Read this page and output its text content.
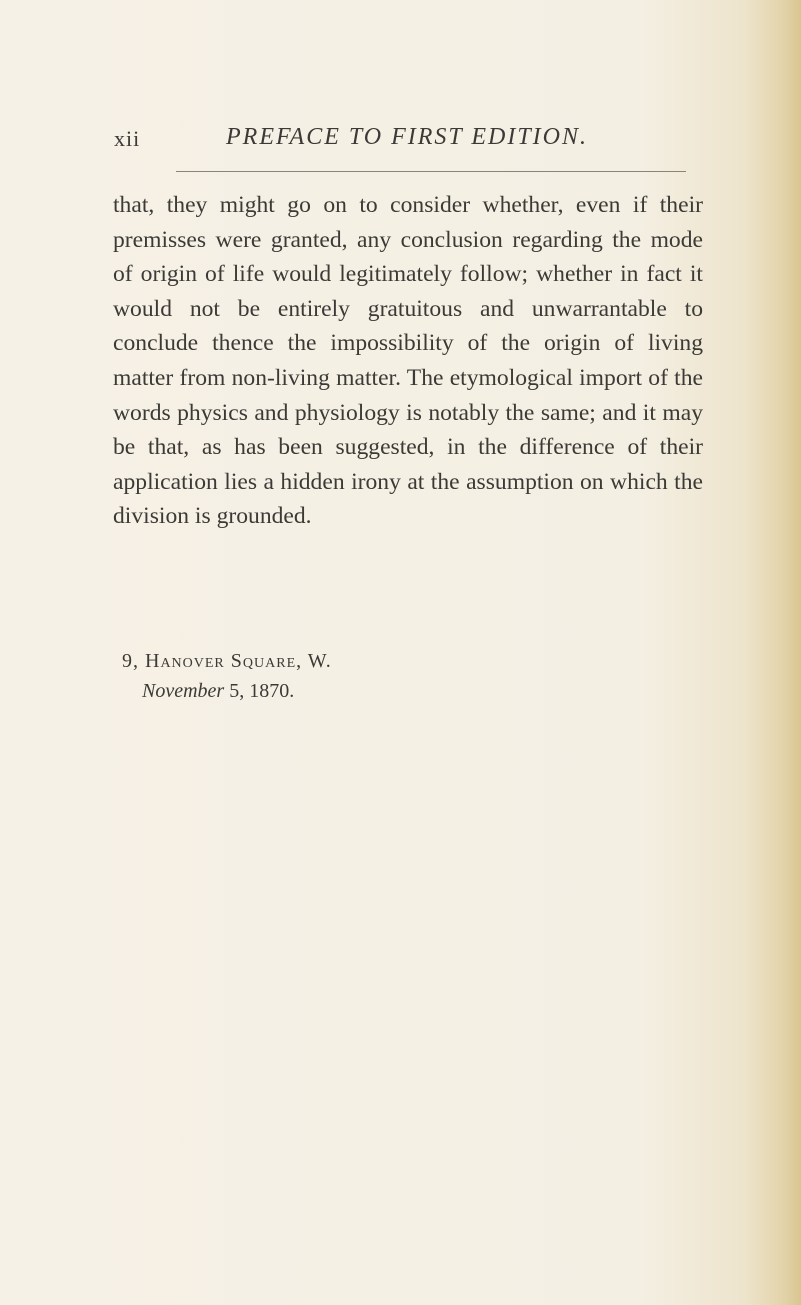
xii	PREFACE TO FIRST EDITION.

that, they might go on to consider whether, even if their premisses were granted, any conclusion regarding the mode of origin of life would legitimately follow; whether in fact it would not be entirely gratuitous and unwarrantable to conclude thence the impossibility of the origin of living matter from non-living matter. The etymological import of the words physics and physiology is notably the same; and it may be that, as has been suggested, in the difference of their application lies a hidden irony at the assumption on which the division is grounded.

9, Hanover Square, W.
November 5, 1870.
